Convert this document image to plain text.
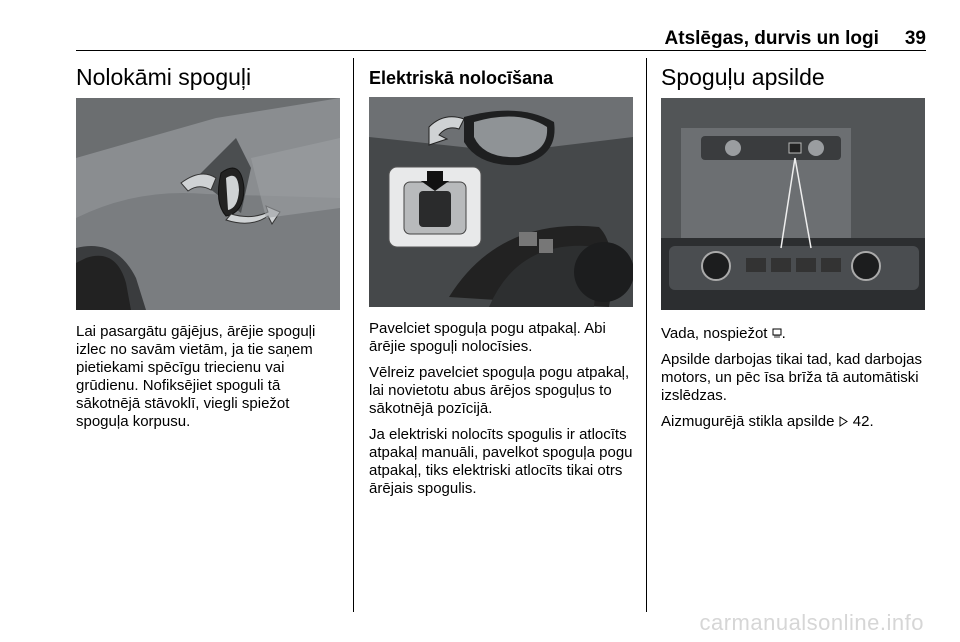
Atslēgas, durvis un logi 39
Nolokāmi spoguļi

Lai pasargātu gājējus, ārējie spoguļi izlec no savām vietām, ja tie saņem pietiekami spēcīgu triecienu vai grūdienu. Nofiksējiet spoguli tā sākotnējā stāvoklī, viegli spiežot spoguļa korpusu.

Elektriskā nolocīšana

Pavelciet spoguļa pogu atpakaļ. Abi ārējie spoguļi nolocīsies.

Vēlreiz pavelciet spoguļa pogu atpakaļ, lai novietotu abus ārējos spoguļus to sākotnējā pozīcijā.

Ja elektriski nolocīts spogulis ir atlocīts atpakaļ manuāli, pavelkot spoguļa pogu atpakaļ, tiks elektriski atlocīts tikai otrs ārējais spogulis.

Spoguļu apsilde

Vada, nospiežot .

Apsilde darbojas tikai tad, kad darbojas motors, un pēc īsa brīža tā automātiski izslēdzas.

Aizmugurējā stikla apsilde 42.

carmanualsonline.info
